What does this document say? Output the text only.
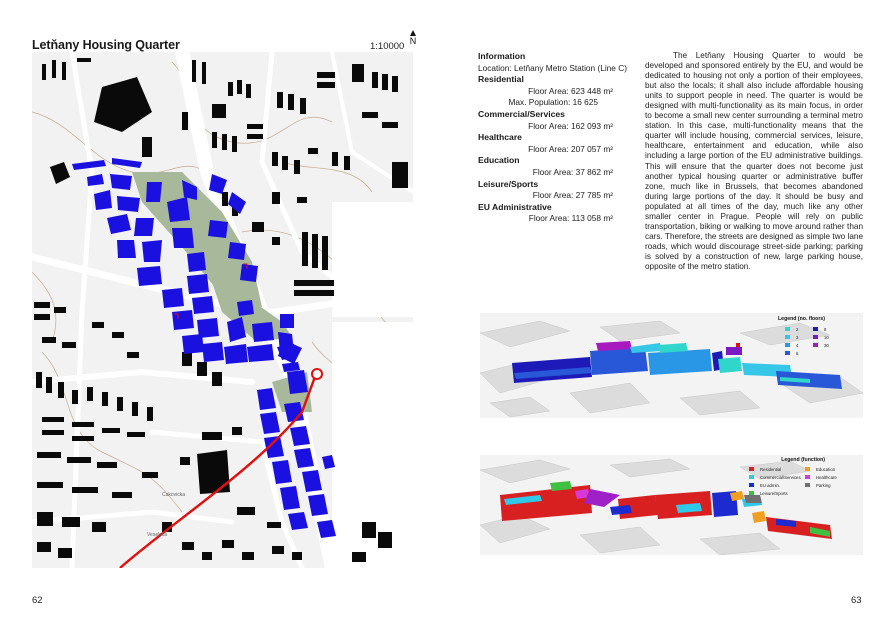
Letňany Housing Quarter	1:10000 N
Cakovicka
Veselska
62
Information
Location: Letňany Metro Station (Line C)
Residential
Floor Area: 623 448 m²
Max. Population: 16 625
Commercial/Services
Floor Area: 162 093 m²
Healthcare
Floor Area: 207 057 m²
Education
Floor Area: 37 862 m²
Leisure/Sports
Floor Area: 27 785 m²
EU Administrative
Floor Area: 113 058 m²
The Letňany Housing Quarter to would be developed and sponsored entirely by the EU, and would be dedicated to housing not only a portion of their employees, but also the locals; it shall also include affordable housing units to support people in need. The quarter is would be designed with multi-functionality as its main focus, in order to become a small new center surrounding a terminal metro station. In this case, multi-functionality means that the quarter will include housing, commercial services, leisure, healthcare, entertainment and education, while also including a large portion of the EU administrative buildings. This will ensure that the quarter does not become just another typical housing quarter or administrative buffer zone, much like in Brussels, that becomes abandoned during large portions of the day. It should be busy and populated at all times of the day, much like any other smaller center in Prague. People will rely on public transportation, biking or walking to move around rather than cars. Therefore, the streets are designed as simple two lane roads, which would discourage street-side parking; parking is solved by a construction of new, large parking house, opposite of the metro station.
Legend (no. floors)
2	8
3	10
4	30
6
Legend (function)
Residential	Education
Commercial/Services	Healthcare
EU admin.	Parking
Leisure/Sports
63
